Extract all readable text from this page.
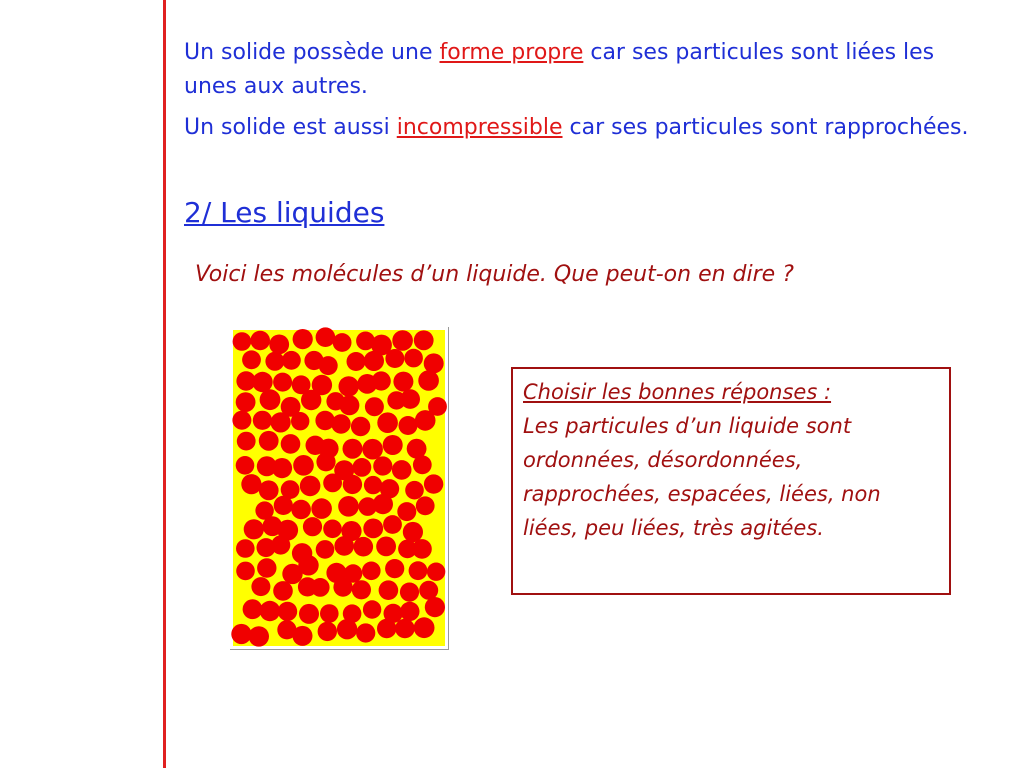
Un solide possède une forme propre car ses particules sont liées les unes aux autres.
Un solide est aussi incompressible car ses particules sont rapprochées.
2/ Les liquides
Voici les molécules d’un liquide. Que peut-on en dire ?
Choisir les bonnes réponses :
Les particules d’un liquide sont ordonnées, désordonnées, rapprochées, espacées, liées, non liées, peu liées, très agitées.
